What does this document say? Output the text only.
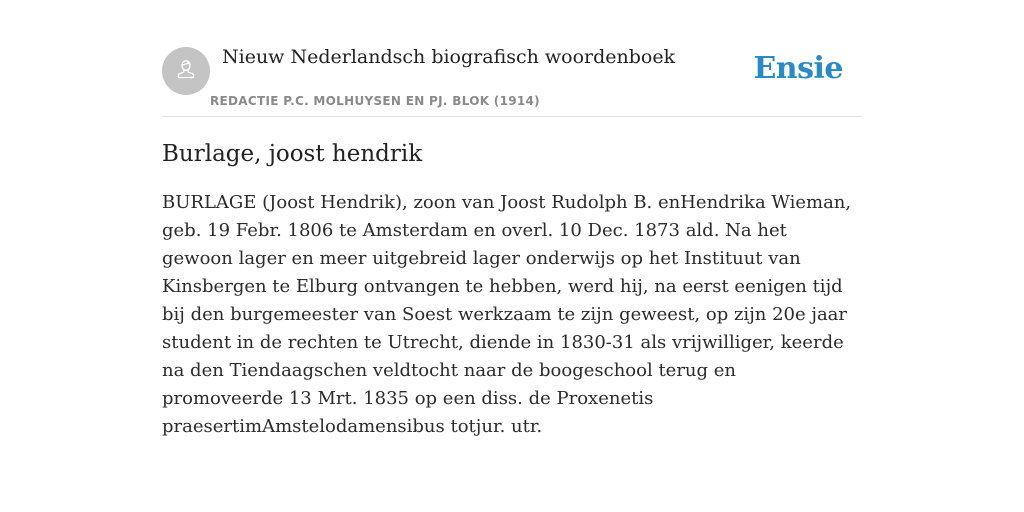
Nieuw Nederlandsch biografisch woordenboek
REDACTIE P.C. MOLHUYSEN EN PJ. BLOK (1914)
Ensie
Burlage, joost hendrik

BURLAGE (Joost Hendrik), zoon van Joost Rudolph B. enHendrika Wieman, geb. 19 Febr. 1806 te Amsterdam en overl. 10 Dec. 1873 ald. Na het gewoon lager en meer uitgebreid lager onderwijs op het Instituut van Kinsbergen te Elburg ontvangen te hebben, werd hij, na eerst eenigen tijd bij den burgemeester van Soest werkzaam te zijn geweest, op zijn 20e jaar student in de rechten te Utrecht, diende in 1830-31 als vrijwilliger, keerde na den Tiendaagschen veldtocht naar de boogeschool terug en promoveerde 13 Mrt. 1835 op een diss. de Proxenetis praesertimAmstelodamensibus totjur. utr.
